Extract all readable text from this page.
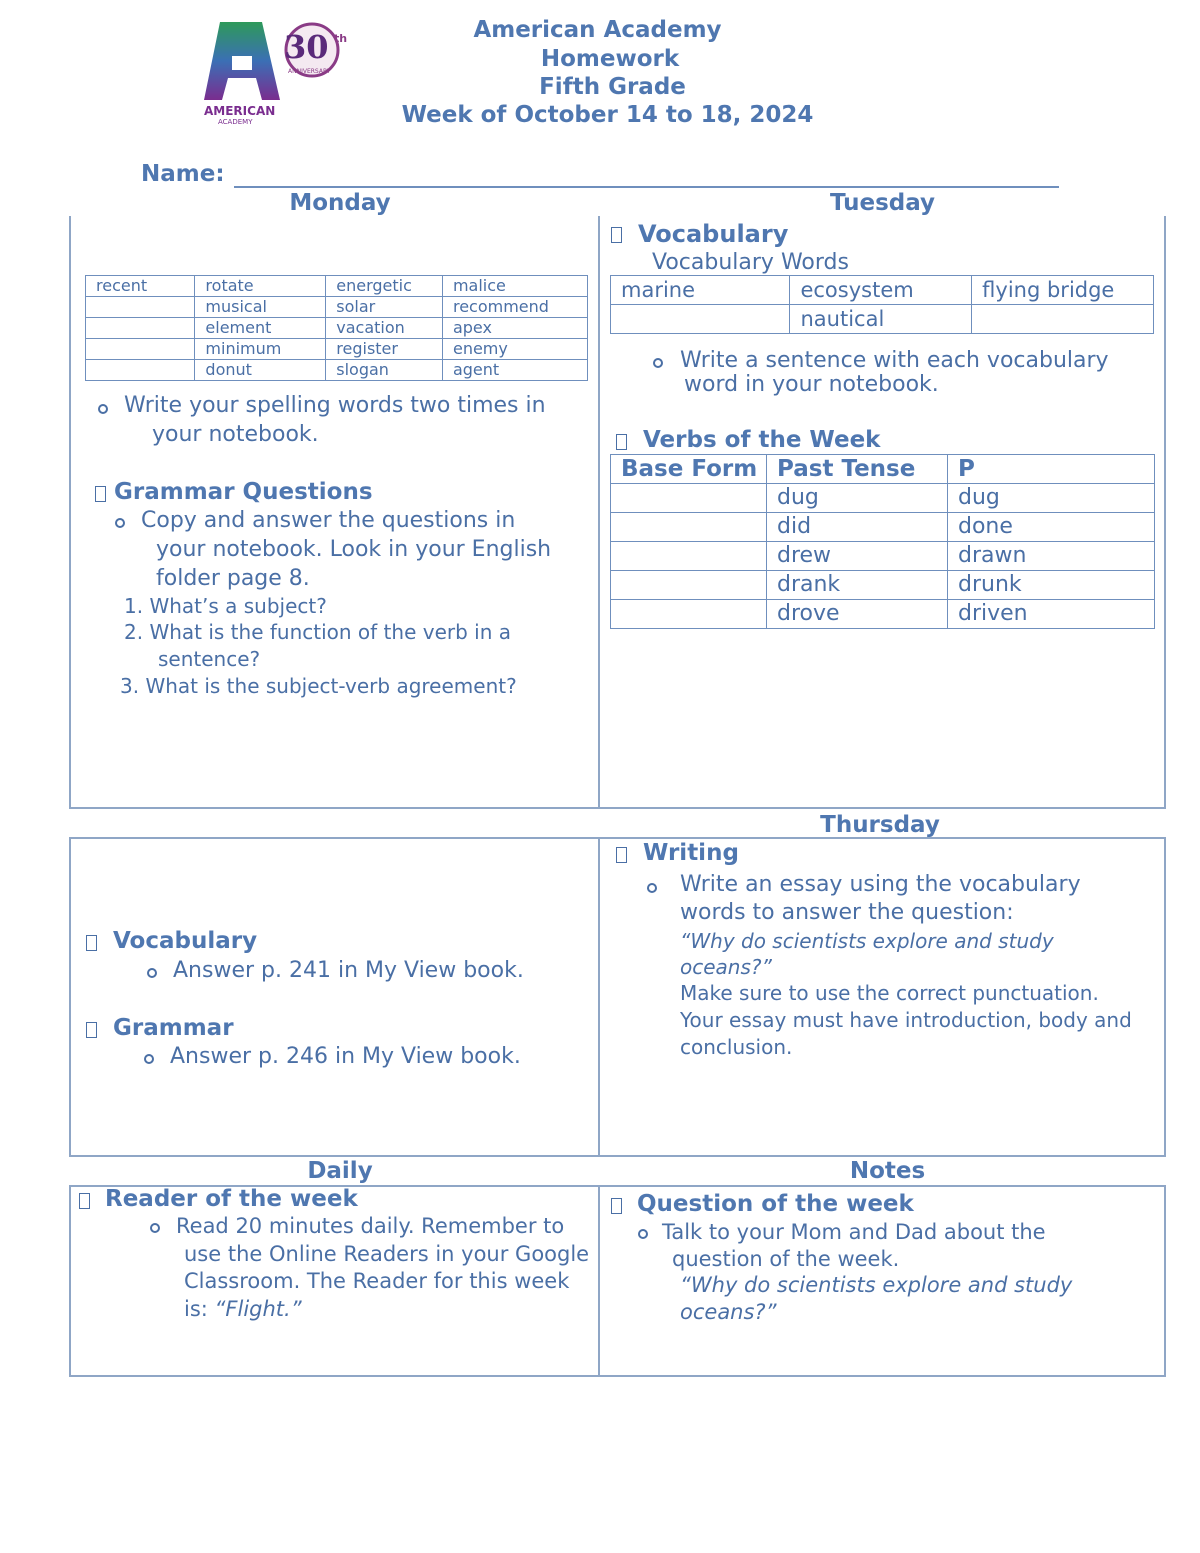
30 th
ANNIVERSARY
AMERICAN
ACADEMY
American Academy
Homework
Fifth Grade
Week of October 14 to 18, 2024
Name:
Monday	Tuesday
recent	rotate	energetic	malice
	musical	solar	recommend
	element	vacation	apex
	minimum	register	enemy
	donut	slogan	agent
Write your spelling words two times in
your notebook.
Grammar Questions
Copy and answer the questions in
your notebook. Look in your English
folder page 8.
1. What’s a subject?
2. What is the function of the verb in a
sentence?
3. What is the subject-verb agreement?
Vocabulary
Vocabulary Words
marine	ecosystem	flying bridge
	nautical	
Write a sentence with each vocabulary
word in your notebook.
Verbs of the Week
Base Form	Past Tense	P
	dug	dug
	did	done
	drew	drawn
	drank	drunk
	drove	driven
Thursday
Vocabulary
Answer p. 241 in My View book.
Grammar
Answer p. 246 in My View book.
Writing
Write an essay using the vocabulary
words to answer the question:
“Why do scientists explore and study
oceans?”
Make sure to use the correct punctuation.
Your essay must have introduction, body and
conclusion.
Daily	Notes
Reader of the week
Read 20 minutes daily. Remember to
use the Online Readers in your Google
Classroom. The Reader for this week
is: “Flight.”
Question of the week
Talk to your Mom and Dad about the
question of the week.
“Why do scientists explore and study
oceans?”
